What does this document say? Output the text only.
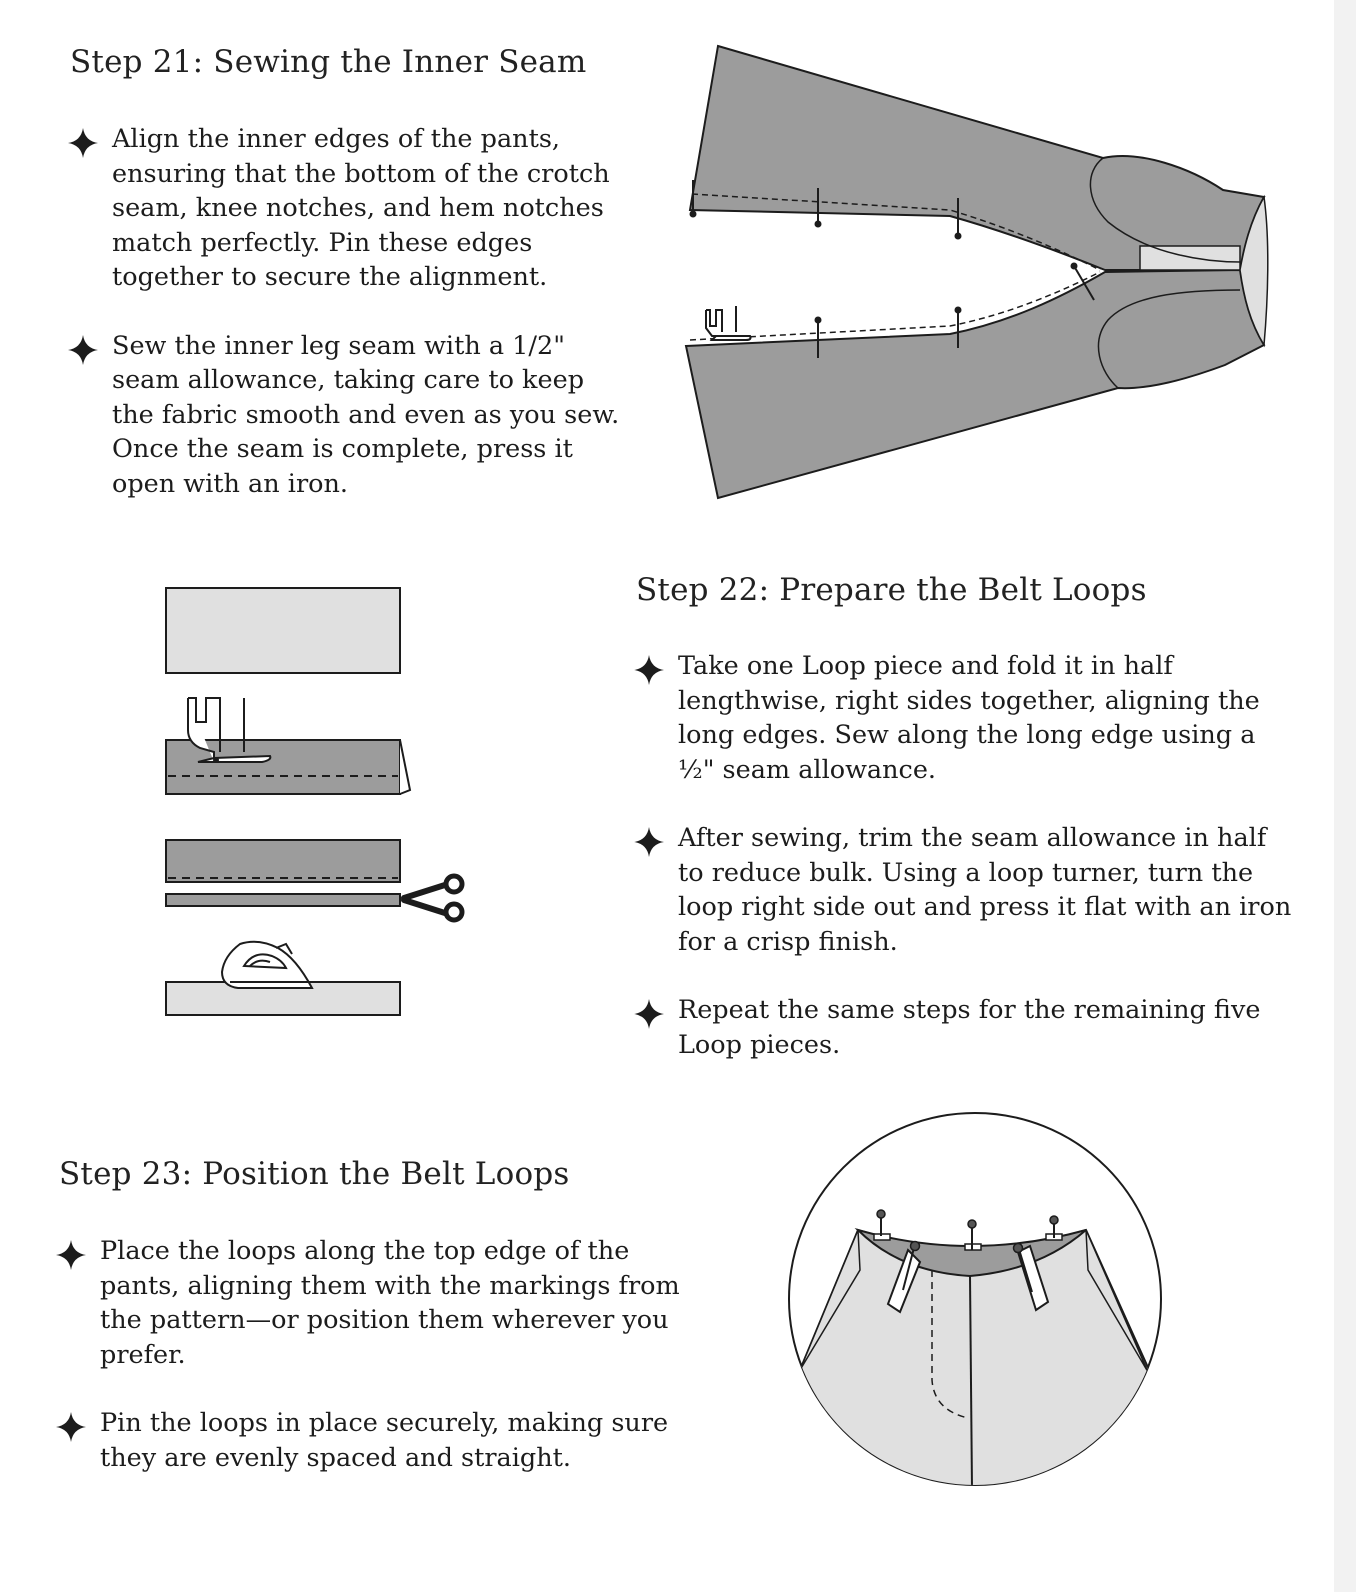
Step 21: Sewing the Inner Seam
Align the inner edges of the pants, ensuring that the bottom of the crotch seam, knee notches, and hem notches match perfectly. Pin these edges together to secure the alignment.
Sew the inner leg seam with a 1/2" seam allowance, taking care to keep the fabric smooth and even as you sew. Once the seam is complete, press it open with an iron.
Step 22: Prepare the Belt Loops
Take one Loop piece and fold it in half lengthwise, right sides together, aligning the long edges. Sew along the long edge using a ½" seam allowance.
After sewing, trim the seam allowance in half to reduce bulk. Using a loop turner, turn the loop right side out and press it flat with an iron for a crisp finish.
Repeat the same steps for the remaining five Loop pieces.
Step 23: Position the Belt Loops
Place the loops along the top edge of the pants, aligning them with the markings from the pattern—or position them wherever you prefer.
Pin the loops in place securely, making sure they are evenly spaced and straight.
